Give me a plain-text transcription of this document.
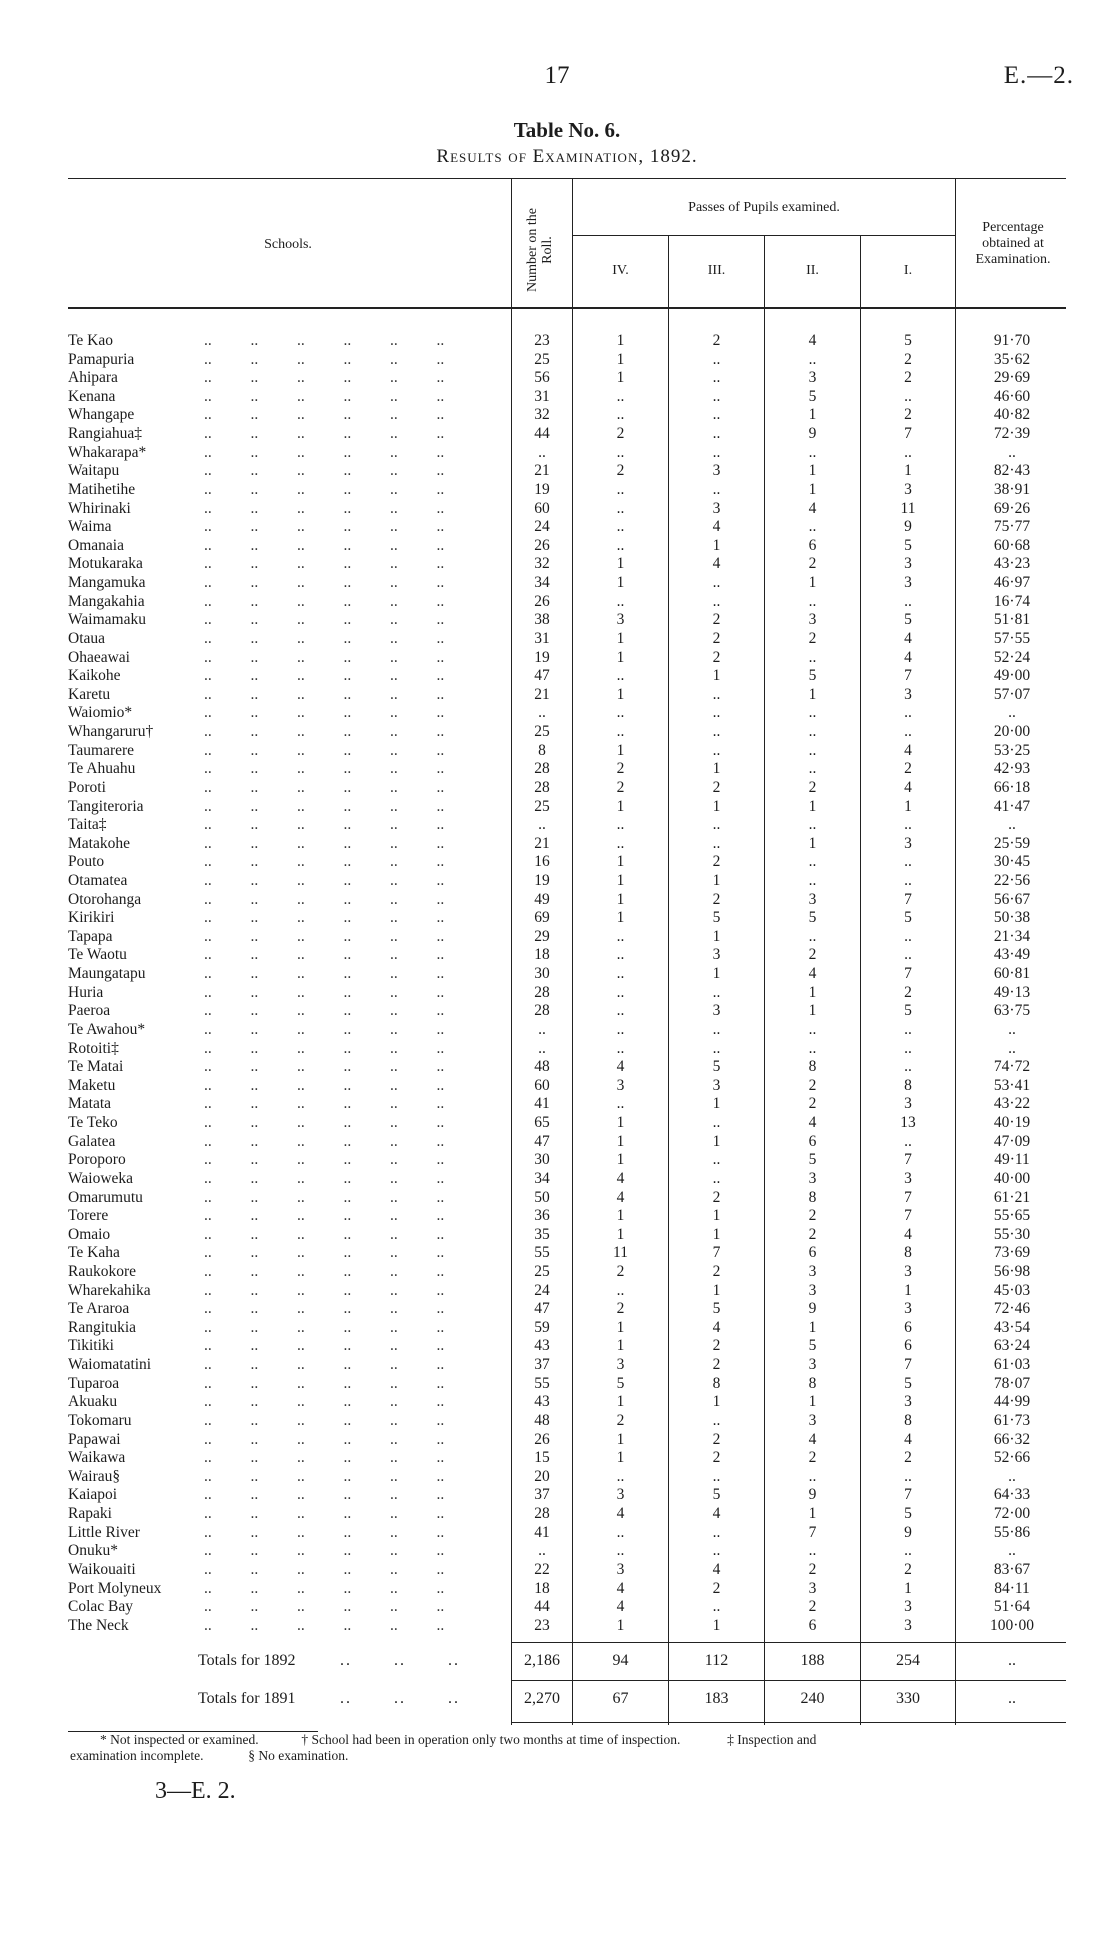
17	E.—2.
Table No. 6.
Results of Examination, 1892.
Schools.	Number on the Roll.
Passes of Pupils examined.
IV.	III.	II.	I.
Percentage obtained at Examination.
Te Kao	..          ..          ..          ..          ..          ..	23	1	2	4	5	91·70
Pamapuria	..          ..          ..          ..          ..          ..	25	1	..	..	2	35·62
Ahipara	..          ..          ..          ..          ..          ..	56	1	..	3	2	29·69
Kenana	..          ..          ..          ..          ..          ..	31	..	..	5	..	46·60
Whangape	..          ..          ..          ..          ..          ..	32	..	..	1	2	40·82
Rangiahua‡	..          ..          ..          ..          ..          ..	44	2	..	9	7	72·39
Whakarapa*	..          ..          ..          ..          ..          ..	..	..	..	..	..	..
Waitapu	..          ..          ..          ..          ..          ..	21	2	3	1	1	82·43
Matihetihe	..          ..          ..          ..          ..          ..	19	..	..	1	3	38·91
Whirinaki	..          ..          ..          ..          ..          ..	60	..	3	4	11	69·26
Waima	..          ..          ..          ..          ..          ..	24	..	4	..	9	75·77
Omanaia	..          ..          ..          ..          ..          ..	26	..	1	6	5	60·68
Motukaraka	..          ..          ..          ..          ..          ..	32	1	4	2	3	43·23
Mangamuka	..          ..          ..          ..          ..          ..	34	1	..	1	3	46·97
Mangakahia	..          ..          ..          ..          ..          ..	26	..	..	..	..	16·74
Waimamaku	..          ..          ..          ..          ..          ..	38	3	2	3	5	51·81
Otaua	..          ..          ..          ..          ..          ..	31	1	2	2	4	57·55
Ohaeawai	..          ..          ..          ..          ..          ..	19	1	2	..	4	52·24
Kaikohe	..          ..          ..          ..          ..          ..	47	..	1	5	7	49·00
Karetu	..          ..          ..          ..          ..          ..	21	1	..	1	3	57·07
Waiomio*	..          ..          ..          ..          ..          ..	..	..	..	..	..	..
Whangaruru†	..          ..          ..          ..          ..          ..	25	..	..	..	..	20·00
Taumarere	..          ..          ..          ..          ..          ..	8	1	..	..	4	53·25
Te Ahuahu	..          ..          ..          ..          ..          ..	28	2	1	..	2	42·93
Poroti	..          ..          ..          ..          ..          ..	28	2	2	2	4	66·18
Tangiteroria	..          ..          ..          ..          ..          ..	25	1	1	1	1	41·47
Taita‡	..          ..          ..          ..          ..          ..	..	..	..	..	..	..
Matakohe	..          ..          ..          ..          ..          ..	21	..	..	1	3	25·59
Pouto	..          ..          ..          ..          ..          ..	16	1	2	..	..	30·45
Otamatea	..          ..          ..          ..          ..          ..	19	1	1	..	..	22·56
Otorohanga	..          ..          ..          ..          ..          ..	49	1	2	3	7	56·67
Kirikiri	..          ..          ..          ..          ..          ..	69	1	5	5	5	50·38
Tapapa	..          ..          ..          ..          ..          ..	29	..	1	..	..	21·34
Te Waotu	..          ..          ..          ..          ..          ..	18	..	3	2	..	43·49
Maungatapu	..          ..          ..          ..          ..          ..	30	..	1	4	7	60·81
Huria	..          ..          ..          ..          ..          ..	28	..	..	1	2	49·13
Paeroa	..          ..          ..          ..          ..          ..	28	..	3	1	5	63·75
Te Awahou*	..          ..          ..          ..          ..          ..	..	..	..	..	..	..
Rotoiti‡	..          ..          ..          ..          ..          ..	..	..	..	..	..	..
Te Matai	..          ..          ..          ..          ..          ..	48	4	5	8	..	74·72
Maketu	..          ..          ..          ..          ..          ..	60	3	3	2	8	53·41
Matata	..          ..          ..          ..          ..          ..	41	..	1	2	3	43·22
Te Teko	..          ..          ..          ..          ..          ..	65	1	..	4	13	40·19
Galatea	..          ..          ..          ..          ..          ..	47	1	1	6	..	47·09
Poroporo	..          ..          ..          ..          ..          ..	30	1	..	5	7	49·11
Waioweka	..          ..          ..          ..          ..          ..	34	4	..	3	3	40·00
Omarumutu	..          ..          ..          ..          ..          ..	50	4	2	8	7	61·21
Torere	..          ..          ..          ..          ..          ..	36	1	1	2	7	55·65
Omaio	..          ..          ..          ..          ..          ..	35	1	1	2	4	55·30
Te Kaha	..          ..          ..          ..          ..          ..	55	11	7	6	8	73·69
Raukokore	..          ..          ..          ..          ..          ..	25	2	2	3	3	56·98
Wharekahika	..          ..          ..          ..          ..          ..	24	..	1	3	1	45·03
Te Araroa	..          ..          ..          ..          ..          ..	47	2	5	9	3	72·46
Rangitukia	..          ..          ..          ..          ..          ..	59	1	4	1	6	43·54
Tikitiki	..          ..          ..          ..          ..          ..	43	1	2	5	6	63·24
Waiomatatini	..          ..          ..          ..          ..          ..	37	3	2	3	7	61·03
Tuparoa	..          ..          ..          ..          ..          ..	55	5	8	8	5	78·07
Akuaku	..          ..          ..          ..          ..          ..	43	1	1	1	3	44·99
Tokomaru	..          ..          ..          ..          ..          ..	48	2	..	3	8	61·73
Papawai	..          ..          ..          ..          ..          ..	26	1	2	4	4	66·32
Waikawa	..          ..          ..          ..          ..          ..	15	1	2	2	2	52·66
Wairau§	..          ..          ..          ..          ..          ..	20	..	..	..	..	..
Kaiapoi	..          ..          ..          ..          ..          ..	37	3	5	9	7	64·33
Rapaki	..          ..          ..          ..          ..          ..	28	4	4	1	5	72·00
Little River	..          ..          ..          ..          ..          ..	41	..	..	7	9	55·86
Onuku*	..          ..          ..          ..          ..          ..	..	..	..	..	..	..
Waikouaiti	..          ..          ..          ..          ..          ..	22	3	4	2	2	83·67
Port Molyneux	..          ..          ..          ..          ..          ..	18	4	2	3	1	84·11
Colac Bay	..          ..          ..          ..          ..          ..	44	4	..	2	3	51·64
The Neck	..          ..          ..          ..          ..          ..	23	1	1	6	3	100·00
Totals for 1892	..       ..       ..	2,186	94	112	188	254	..
Totals for 1891	..       ..       ..	2,270	67	183	240	330	..
* Not inspected or examined.	† School had been in operation only two months at time of inspection.	‡ Inspection and
examination incomplete.	§ No examination.
3—E. 2.
